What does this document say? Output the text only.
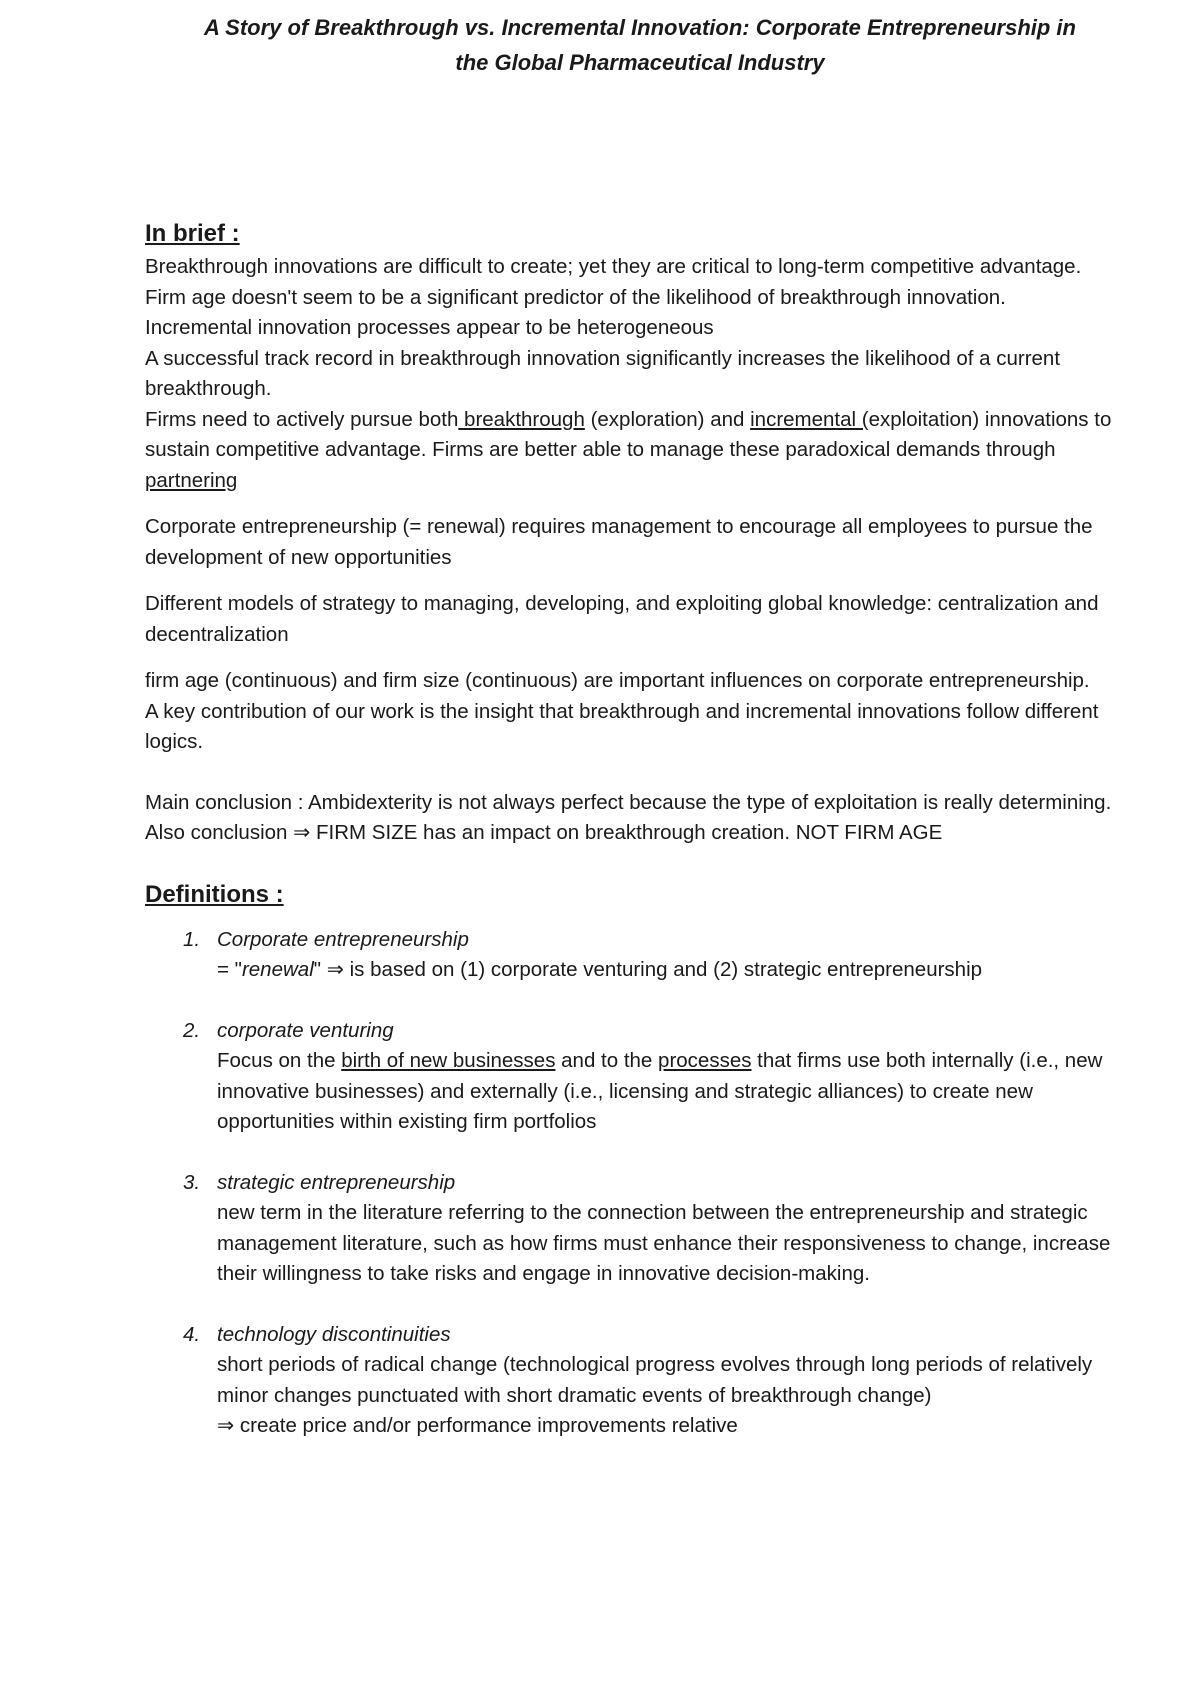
A Story of Breakthrough vs. Incremental Innovation: Corporate Entrepreneurship in
the Global Pharmaceutical Industry
In brief :

Breakthrough innovations are difficult to create; yet they are critical to long-term competitive advantage.

Firm age doesn't seem to be a significant predictor of the likelihood of breakthrough innovation.

Incremental innovation processes appear to be heterogeneous

A successful track record in breakthrough innovation significantly increases the likelihood of a current breakthrough.

Firms need to actively pursue both breakthrough (exploration) and incremental (exploitation) innovations to sustain competitive advantage. Firms are better able to manage these paradoxical demands through partnering

Corporate entrepreneurship (= renewal) requires management to encourage all employees to pursue the development of new opportunities

Different models of strategy to managing, developing, and exploiting global knowledge: centralization and decentralization

firm age (continuous) and firm size (continuous) are important influences on corporate entrepreneurship.

A key contribution of our work is the insight that breakthrough and incremental innovations follow different logics.

Main conclusion : Ambidexterity is not always perfect because the type of exploitation is really determining.

Also conclusion ⇒ FIRM SIZE has an impact on breakthrough creation. NOT FIRM AGE

Definitions :
1. Corporate entrepreneurship
= "renewal" ⇒ is based on (1) corporate venturing and (2) strategic entrepreneurship
2. corporate venturing
Focus on the birth of new businesses and to the processes that firms use both internally (i.e., new innovative businesses) and externally (i.e., licensing and strategic alliances) to create new opportunities within existing firm portfolios
3. strategic entrepreneurship
new term in the literature referring to the connection between the entrepreneurship and strategic management literature, such as how firms must enhance their responsiveness to change, increase their willingness to take risks and engage in innovative decision-making.
4. technology discontinuities
short periods of radical change (technological progress evolves through long periods of relatively minor changes punctuated with short dramatic events of breakthrough change)
⇒ create price and/or performance improvements relative
